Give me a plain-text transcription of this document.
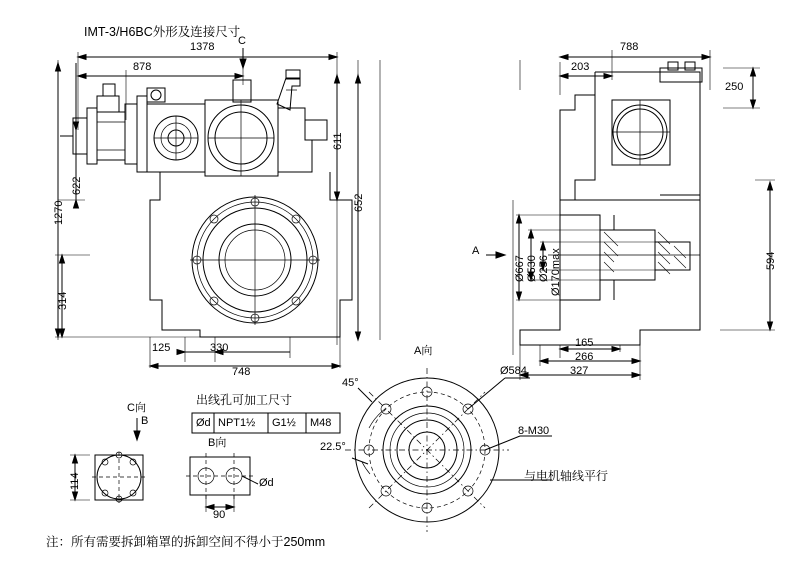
IMT-3/H6BC外形及连接尺寸
注：所有需要拆卸箱罩的拆卸空间不得小于250mm
1378
878
C
1270
622
314
611
652
125	330
748
788
203
250
594
Ø667 Ø530 Ø256 Ø170max
165
266
327
A
A向
Ø584
8-M30
45°
22.5°
与电机轴线平行
C向
B
114
B向
90
Ød
出线孔可加工尺寸
Ød NPT1½ G1½ M48
